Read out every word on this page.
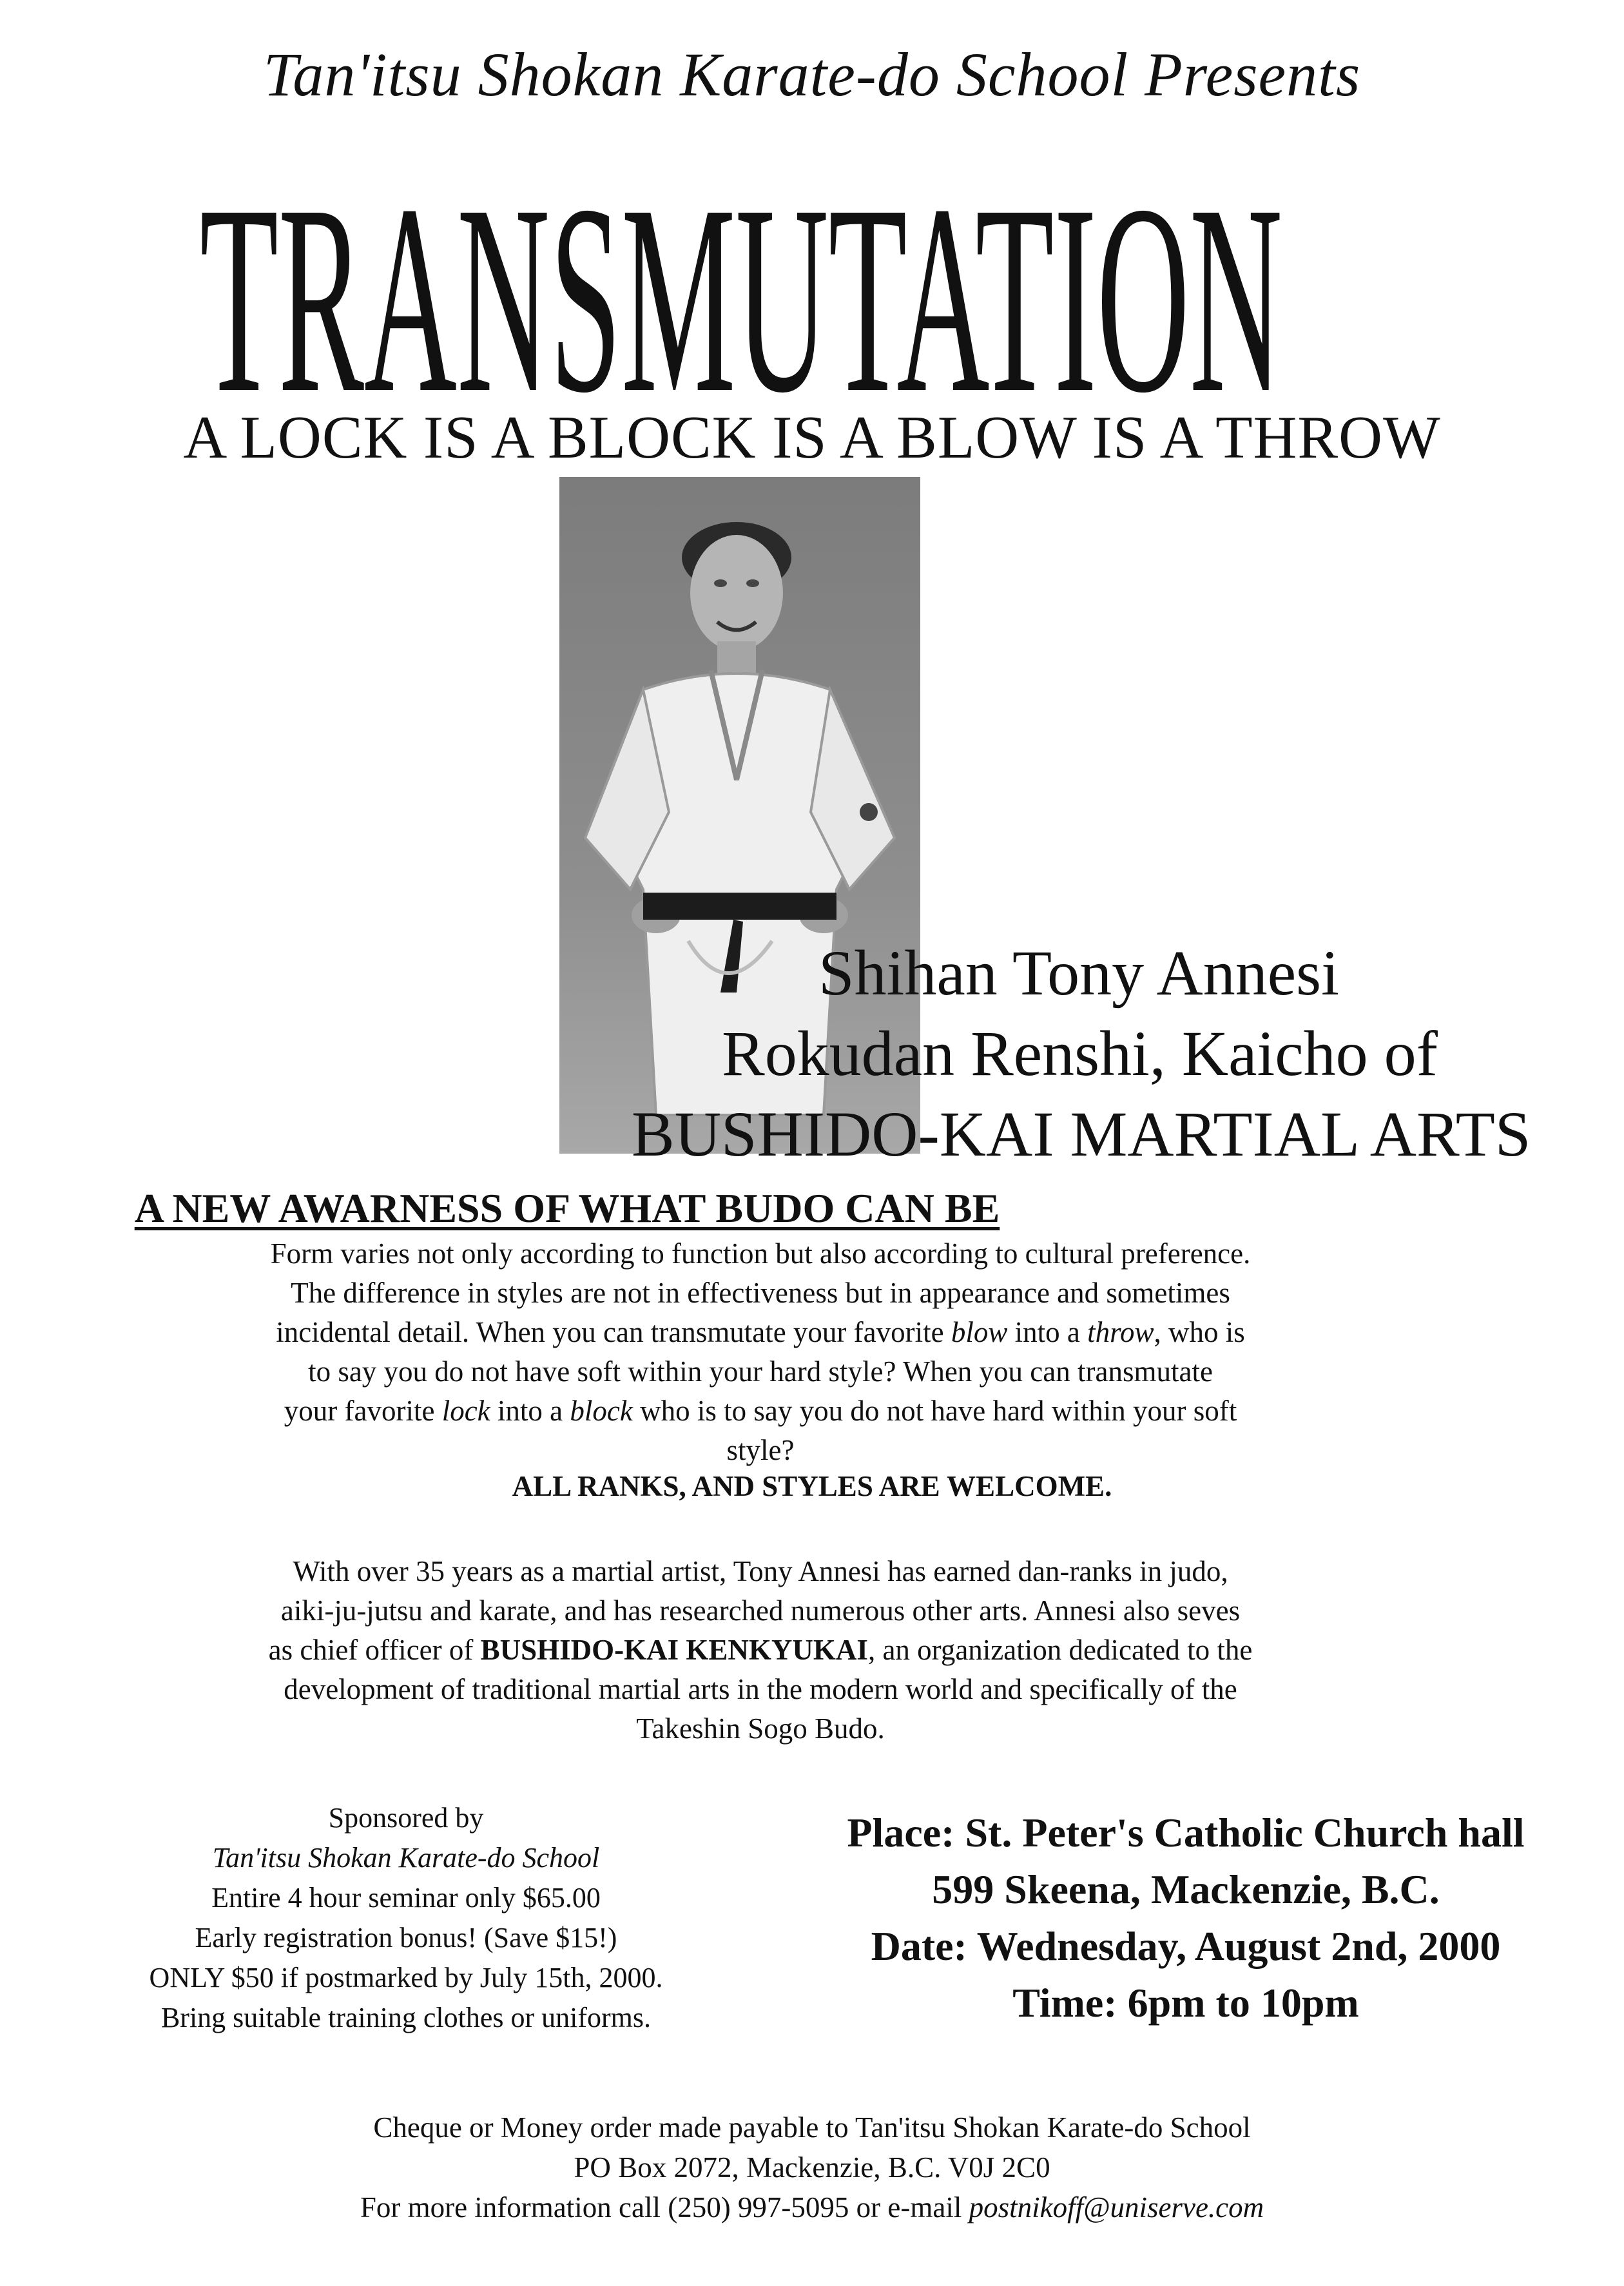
Tan'itsu Shokan Karate-do School Presents
TRANSMUTATION
A LOCK IS A BLOCK IS A BLOW IS A THROW
Shihan Tony Annesi
Rokudan Renshi, Kaicho of
BUSHIDO-KAI MARTIAL ARTS
A NEW AWARNESS OF WHAT BUDO CAN BE
Form varies not only according to function but also according to cultural preference.
The difference in styles are not in effectiveness but in appearance and sometimes
incidental detail. When you can transmutate your favorite blow into a throw, who is
to say you do not have soft within your hard style? When you can transmutate
your favorite lock into a block who is to say you do not have hard within your soft
style?
ALL RANKS, AND STYLES ARE WELCOME.
With over 35 years as a martial artist, Tony Annesi has earned dan-ranks in judo,
aiki-ju-jutsu and karate, and has researched numerous other arts. Annesi also seves
as chief officer of BUSHIDO-KAI KENKYUKAI, an organization dedicated to the
development of traditional martial arts in the modern world and specifically of the
Takeshin Sogo Budo.
Sponsored by
Tan'itsu Shokan Karate-do School
Entire 4 hour seminar only $65.00
Early registration bonus! (Save $15!)
ONLY $50 if postmarked by July 15th, 2000.
Bring suitable training clothes or uniforms.
Place: St. Peter's Catholic Church hall
599 Skeena, Mackenzie, B.C.
Date: Wednesday, August 2nd, 2000
Time: 6pm to 10pm
Cheque or Money order made payable to Tan'itsu Shokan Karate-do School
PO Box 2072, Mackenzie, B.C. V0J 2C0
For more information call (250) 997-5095 or e-mail postnikoff@uniserve.com
